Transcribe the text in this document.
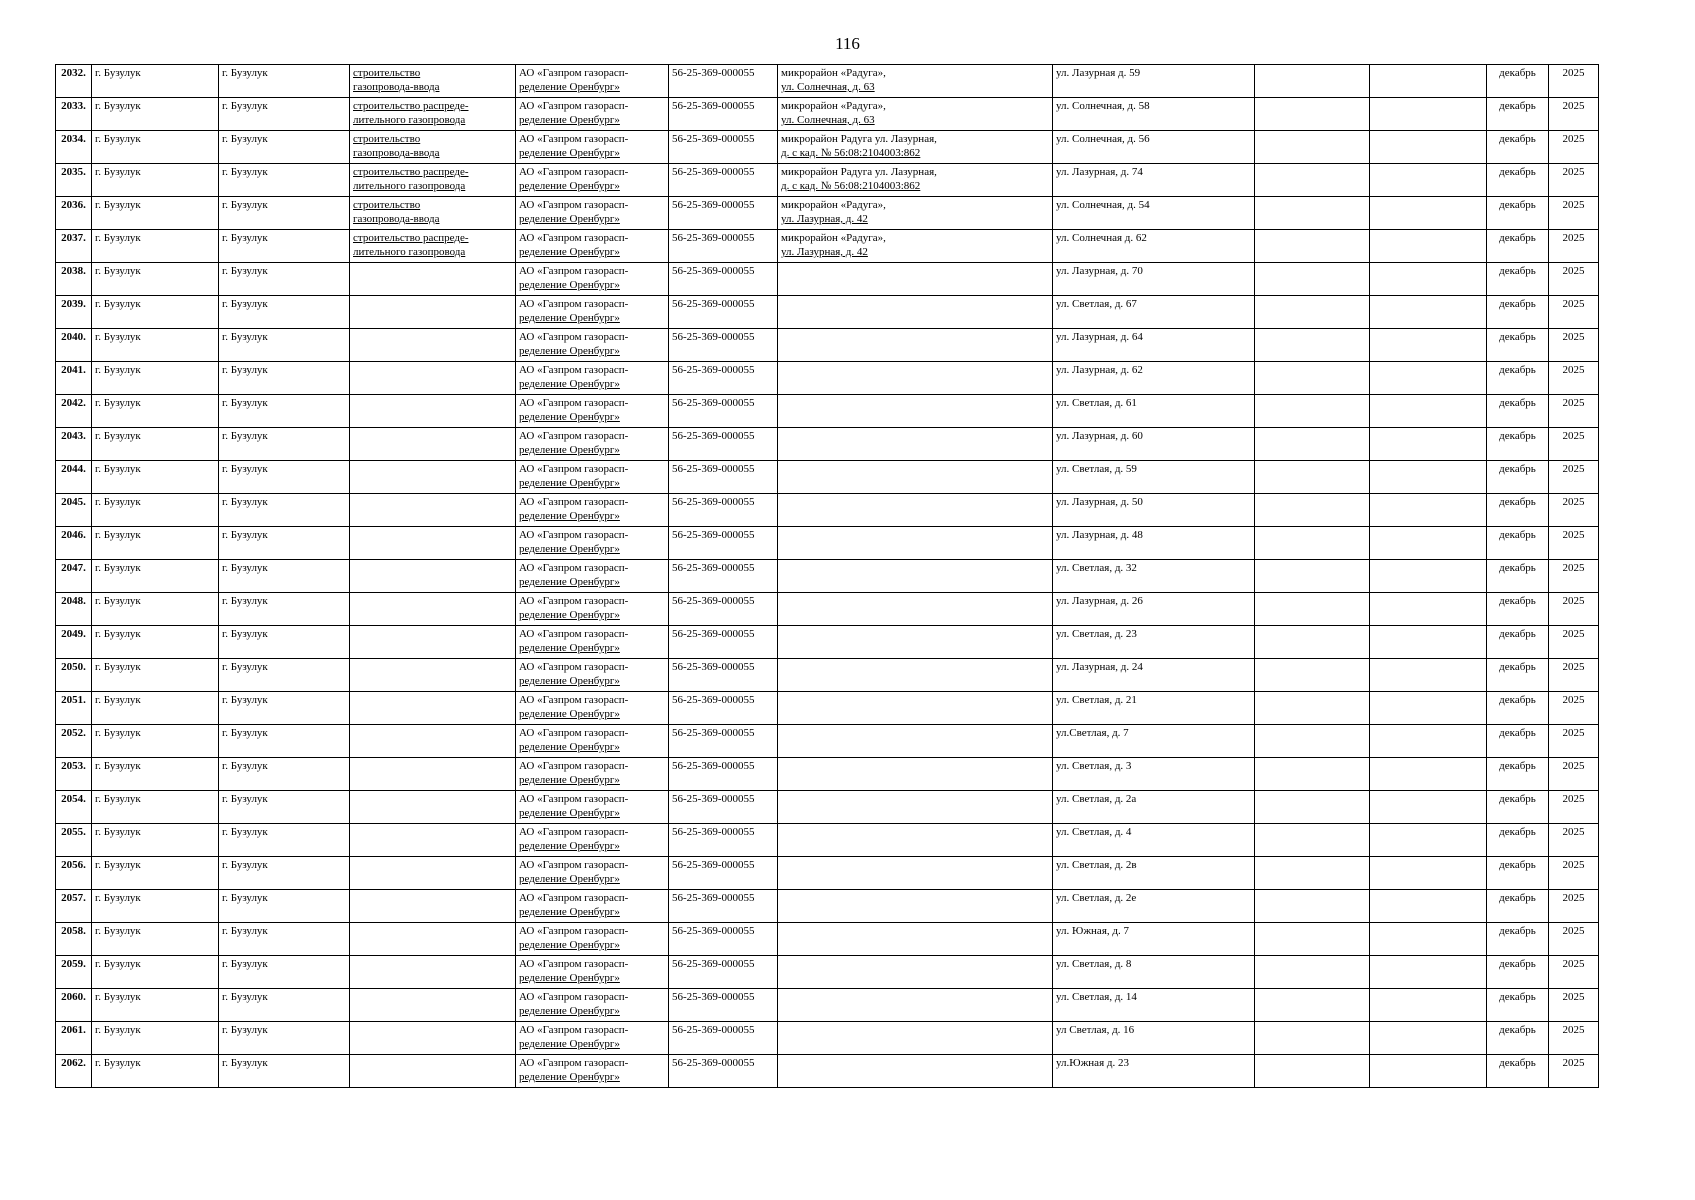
116
2032.	г. Бузулук	г. Бузулук	строительство
газопровода-ввода	АО «Газпром газорасп-
ределение Оренбург»	56-25-369-000055	микрорайон «Радуга»,
ул. Солнечная, д. 63	ул. Лазурная д. 59			декабрь	2025
2033.	г. Бузулук	г. Бузулук	строительство распреде-
лительного газопровода	АО «Газпром газорасп-
ределение Оренбург»	56-25-369-000055	микрорайон «Радуга»,
ул. Солнечная, д. 63	ул. Солнечная, д. 58			декабрь	2025
2034.	г. Бузулук	г. Бузулук	строительство
газопровода-ввода	АО «Газпром газорасп-
ределение Оренбург»	56-25-369-000055	микрорайон Радуга ул. Лазурная,
д. с кад. № 56:08:2104003:862	ул. Солнечная, д. 56			декабрь	2025
2035.	г. Бузулук	г. Бузулук	строительство распреде-
лительного газопровода	АО «Газпром газорасп-
ределение Оренбург»	56-25-369-000055	микрорайон Радуга ул. Лазурная,
д. с кад. № 56:08:2104003:862	ул. Лазурная, д. 74			декабрь	2025
2036.	г. Бузулук	г. Бузулук	строительство
газопровода-ввода	АО «Газпром газорасп-
ределение Оренбург»	56-25-369-000055	микрорайон «Радуга»,
ул. Лазурная, д. 42	ул. Солнечная, д. 54			декабрь	2025
2037.	г. Бузулук	г. Бузулук	строительство распреде-
лительного газопровода	АО «Газпром газорасп-
ределение Оренбург»	56-25-369-000055	микрорайон «Радуга»,
ул. Лазурная, д. 42	ул. Солнечная д. 62			декабрь	2025
2038.	г. Бузулук	г. Бузулук		АО «Газпром газорасп-
ределение Оренбург»	56-25-369-000055		ул. Лазурная, д. 70			декабрь	2025
2039.	г. Бузулук	г. Бузулук		АО «Газпром газорасп-
ределение Оренбург»	56-25-369-000055		ул. Светлая, д. 67			декабрь	2025
2040.	г. Бузулук	г. Бузулук		АО «Газпром газорасп-
ределение Оренбург»	56-25-369-000055		ул. Лазурная, д. 64			декабрь	2025
2041.	г. Бузулук	г. Бузулук		АО «Газпром газорасп-
ределение Оренбург»	56-25-369-000055		ул. Лазурная, д. 62			декабрь	2025
2042.	г. Бузулук	г. Бузулук		АО «Газпром газорасп-
ределение Оренбург»	56-25-369-000055		ул. Светлая, д. 61			декабрь	2025
2043.	г. Бузулук	г. Бузулук		АО «Газпром газорасп-
ределение Оренбург»	56-25-369-000055		ул. Лазурная, д. 60			декабрь	2025
2044.	г. Бузулук	г. Бузулук		АО «Газпром газорасп-
ределение Оренбург»	56-25-369-000055		ул. Светлая, д. 59			декабрь	2025
2045.	г. Бузулук	г. Бузулук		АО «Газпром газорасп-
ределение Оренбург»	56-25-369-000055		ул. Лазурная, д. 50			декабрь	2025
2046.	г. Бузулук	г. Бузулук		АО «Газпром газорасп-
ределение Оренбург»	56-25-369-000055		ул. Лазурная, д. 48			декабрь	2025
2047.	г. Бузулук	г. Бузулук		АО «Газпром газорасп-
ределение Оренбург»	56-25-369-000055		ул. Светлая, д. 32			декабрь	2025
2048.	г. Бузулук	г. Бузулук		АО «Газпром газорасп-
ределение Оренбург»	56-25-369-000055		ул. Лазурная, д. 26			декабрь	2025
2049.	г. Бузулук	г. Бузулук		АО «Газпром газорасп-
ределение Оренбург»	56-25-369-000055		ул. Светлая, д. 23			декабрь	2025
2050.	г. Бузулук	г. Бузулук		АО «Газпром газорасп-
ределение Оренбург»	56-25-369-000055		ул. Лазурная, д. 24			декабрь	2025
2051.	г. Бузулук	г. Бузулук		АО «Газпром газорасп-
ределение Оренбург»	56-25-369-000055		ул. Светлая, д. 21			декабрь	2025
2052.	г. Бузулук	г. Бузулук		АО «Газпром газорасп-
ределение Оренбург»	56-25-369-000055		ул.Светлая, д. 7			декабрь	2025
2053.	г. Бузулук	г. Бузулук		АО «Газпром газорасп-
ределение Оренбург»	56-25-369-000055		ул. Светлая, д. 3			декабрь	2025
2054.	г. Бузулук	г. Бузулук		АО «Газпром газорасп-
ределение Оренбург»	56-25-369-000055		ул. Светлая, д. 2а			декабрь	2025
2055.	г. Бузулук	г. Бузулук		АО «Газпром газорасп-
ределение Оренбург»	56-25-369-000055		ул. Светлая, д. 4			декабрь	2025
2056.	г. Бузулук	г. Бузулук		АО «Газпром газорасп-
ределение Оренбург»	56-25-369-000055		ул. Светлая, д. 2в			декабрь	2025
2057.	г. Бузулук	г. Бузулук		АО «Газпром газорасп-
ределение Оренбург»	56-25-369-000055		ул. Светлая, д. 2е			декабрь	2025
2058.	г. Бузулук	г. Бузулук		АО «Газпром газорасп-
ределение Оренбург»	56-25-369-000055		ул. Южная, д. 7			декабрь	2025
2059.	г. Бузулук	г. Бузулук		АО «Газпром газорасп-
ределение Оренбург»	56-25-369-000055		ул. Светлая, д. 8			декабрь	2025
2060.	г. Бузулук	г. Бузулук		АО «Газпром газорасп-
ределение Оренбург»	56-25-369-000055		ул. Светлая, д. 14			декабрь	2025
2061.	г. Бузулук	г. Бузулук		АО «Газпром газорасп-
ределение Оренбург»	56-25-369-000055		ул Светлая, д. 16			декабрь	2025
2062.	г. Бузулук	г. Бузулук		АО «Газпром газорасп-
ределение Оренбург»	56-25-369-000055		ул.Южная д. 23			декабрь	2025
